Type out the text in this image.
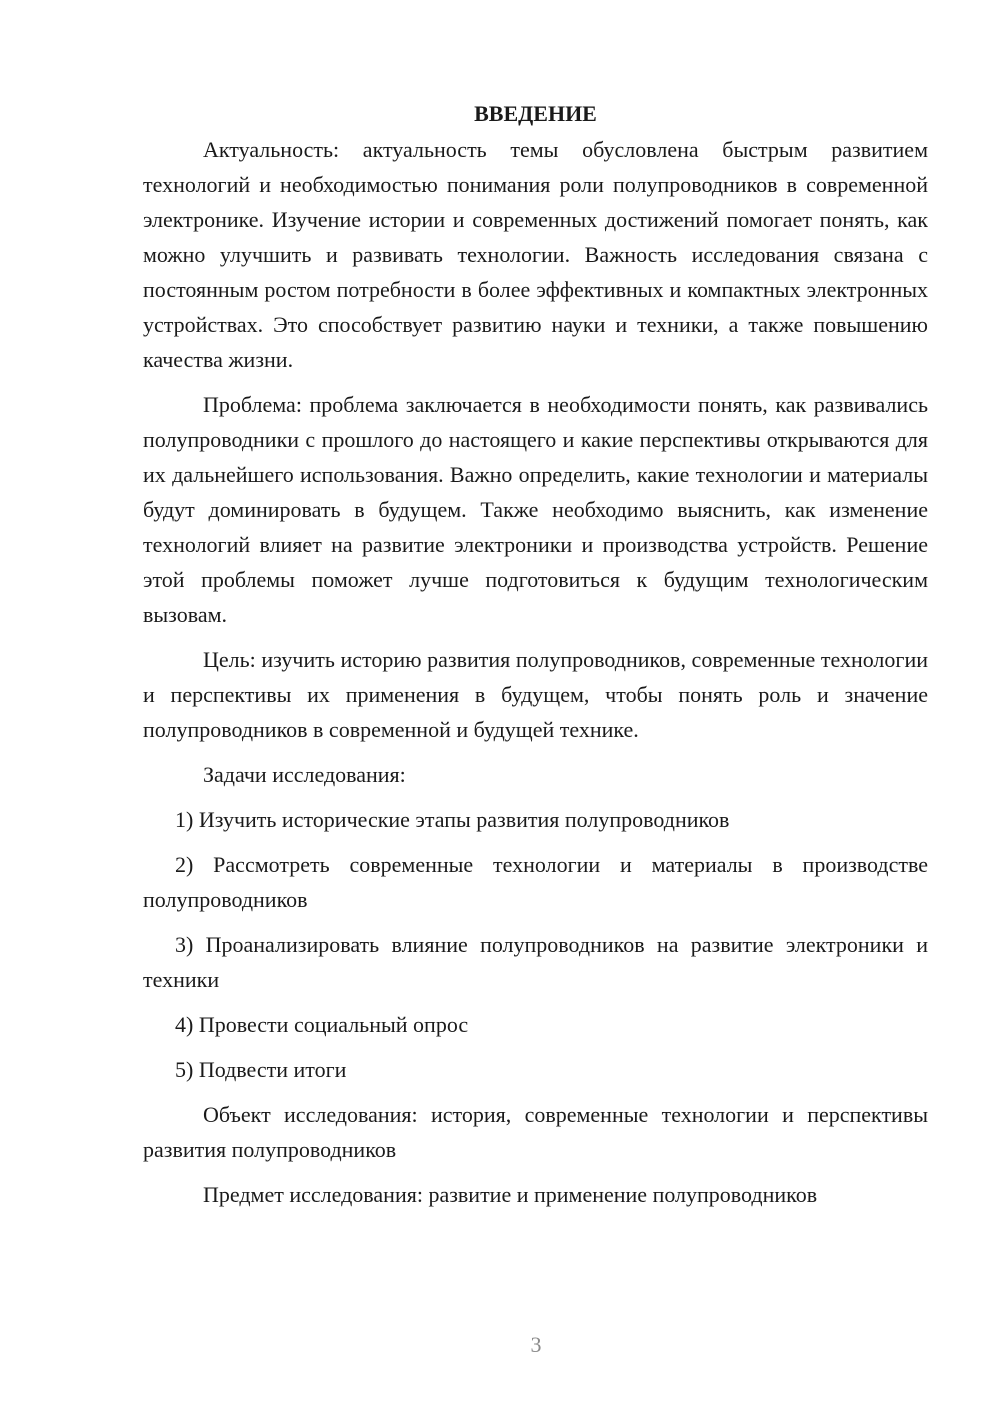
ВВЕДЕНИЕ

Актуальность: актуальность темы обусловлена быстрым развитием технологий и необходимостью понимания роли полупроводников в современной электронике. Изучение истории и современных достижений помогает понять, как можно улучшить и развивать технологии. Важность исследования связана с постоянным ростом потребности в более эффективных и компактных электронных устройствах. Это способствует развитию науки и техники, а также повышению качества жизни.

Проблема: проблема заключается в необходимости понять, как развивались полупроводники с прошлого до настоящего и какие перспективы открываются для их дальнейшего использования. Важно определить, какие технологии и материалы будут доминировать в будущем. Также необходимо выяснить, как изменение технологий влияет на развитие электроники и производства устройств. Решение этой проблемы поможет лучше подготовиться к будущим технологическим вызовам.

Цель: изучить историю развития полупроводников, современные технологии и перспективы их применения в будущем, чтобы понять роль и значение полупроводников в современной и будущей технике.

Задачи исследования:

1) Изучить исторические этапы развития полупроводников

2) Рассмотреть современные технологии и материалы в производстве полупроводников

3) Проанализировать влияние полупроводников на развитие электроники и техники

4) Провести социальный опрос

5) Подвести итоги

Объект исследования: история, современные технологии и перспективы развития полупроводников

Предмет исследования: развитие и применение полупроводников

3
